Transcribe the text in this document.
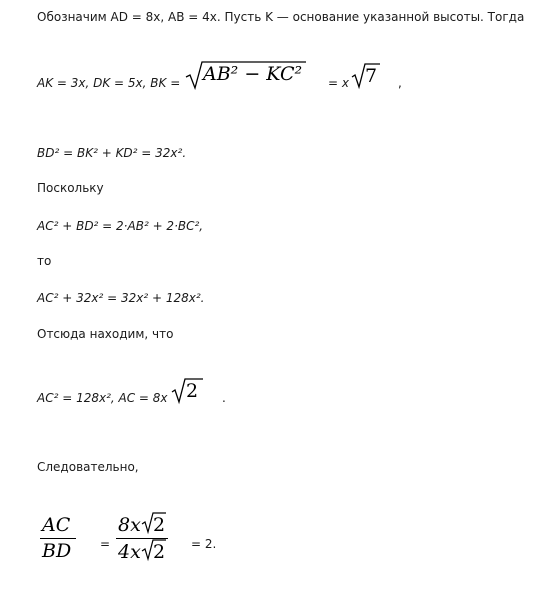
Обозначим AD = 8x, AB = 4x. Пусть K — основание указанной высоты. Тогда
AK = 3x, DK = 5x, BK = AB² − KC² = x 7 ,
BD² = BK² + KD² = 32x².
Поскольку
AC² + BD² = 2·AB² + 2·BC²,
то
AC² + 32x² = 32x² + 128x².
Отсюда находим, что
AC² = 128x², AC = 8x 2 .
Следовательно,
AC
BD =
8x 2
4x 2 = 2.
